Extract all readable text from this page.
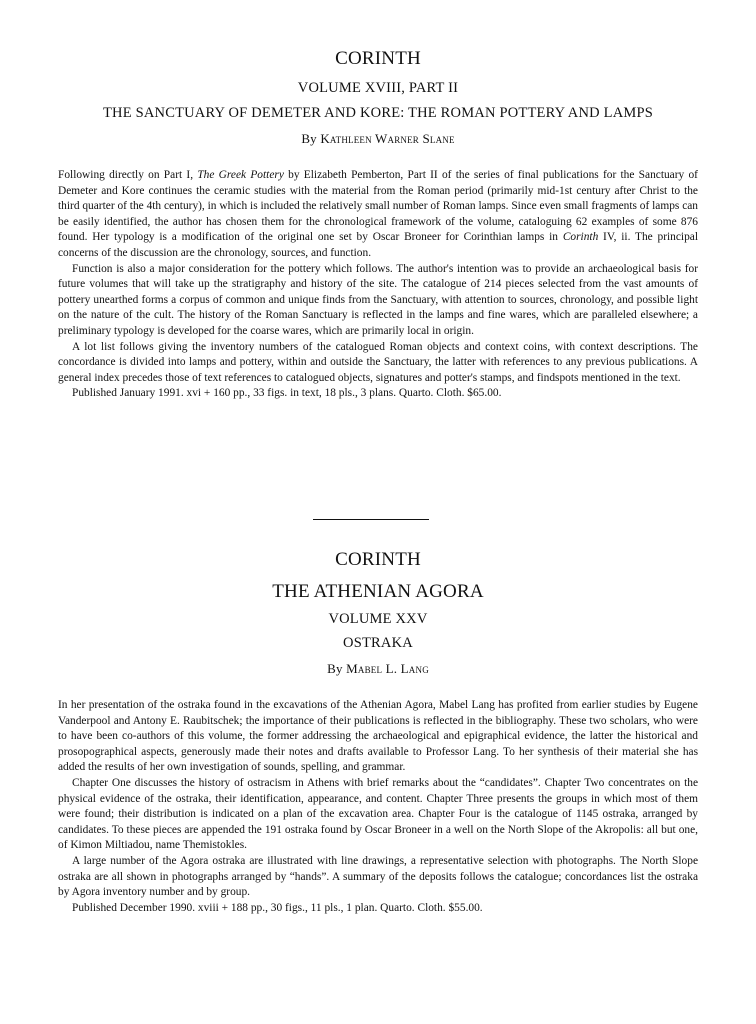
CORINTH
VOLUME XVIII, PART II
THE SANCTUARY OF DEMETER AND KORE: THE ROMAN POTTERY AND LAMPS
By Kathleen Warner Slane

Following directly on Part I, The Greek Pottery by Elizabeth Pemberton, Part II of the series of final publications for the Sanctuary of Demeter and Kore continues the ceramic studies with the material from the Roman period (primarily mid-1st century after Christ to the third quarter of the 4th century), in which is included the relatively small number of Roman lamps. Since even small fragments of lamps can be easily identified, the author has chosen them for the chronological framework of the volume, cataloguing 62 examples of some 876 found. Her typology is a modification of the original one set by Oscar Broneer for Corinthian lamps in Corinth IV, ii. The principal concerns of the discussion are the chronology, sources, and function.

Function is also a major consideration for the pottery which follows. The author's intention was to provide an archaeological basis for future volumes that will take up the stratigraphy and history of the site. The catalogue of 214 pieces selected from the vast amounts of pottery unearthed forms a corpus of common and unique finds from the Sanctuary, with attention to sources, chronology, and possible light on the nature of the cult. The history of the Roman Sanctuary is reflected in the lamps and fine wares, which are paralleled elsewhere; a preliminary typology is developed for the coarse wares, which are primarily local in origin.

A lot list follows giving the inventory numbers of the catalogued Roman objects and context coins, with context descriptions. The concordance is divided into lamps and pottery, within and outside the Sanctuary, the latter with references to any previous publications. A general index precedes those of text references to catalogued objects, signatures and potter's stamps, and findspots mentioned in the text.

Published January 1991. xvi + 160 pp., 33 figs. in text, 18 pls., 3 plans. Quarto. Cloth. $65.00.

CORINTH
THE ATHENIAN AGORA
VOLUME XXV
OSTRAKA
By Mabel L. Lang

In her presentation of the ostraka found in the excavations of the Athenian Agora, Mabel Lang has profited from earlier studies by Eugene Vanderpool and Antony E. Raubitschek; the importance of their publications is reflected in the bibliography. These two scholars, who were to have been co-authors of this volume, the former addressing the archaeological and epigraphical evidence, the latter the historical and prosopographical aspects, generously made their notes and drafts available to Professor Lang. To her synthesis of their material she has added the results of her own investigation of sounds, spelling, and grammar.

Chapter One discusses the history of ostracism in Athens with brief remarks about the “candidates”. Chapter Two concentrates on the physical evidence of the ostraka, their identification, appearance, and content. Chapter Three presents the groups in which most of them were found; their distribution is indicated on a plan of the excavation area. Chapter Four is the catalogue of 1145 ostraka, arranged by candidates. To these pieces are appended the 191 ostraka found by Oscar Broneer in a well on the North Slope of the Akropolis: all but one, of Kimon Miltiadou, name Themistokles.

A large number of the Agora ostraka are illustrated with line drawings, a representative selection with photographs. The North Slope ostraka are all shown in photographs arranged by “hands”. A summary of the deposits follows the catalogue; concordances list the ostraka by Agora inventory number and by group.

Published December 1990. xviii + 188 pp., 30 figs., 11 pls., 1 plan. Quarto. Cloth. $55.00.
